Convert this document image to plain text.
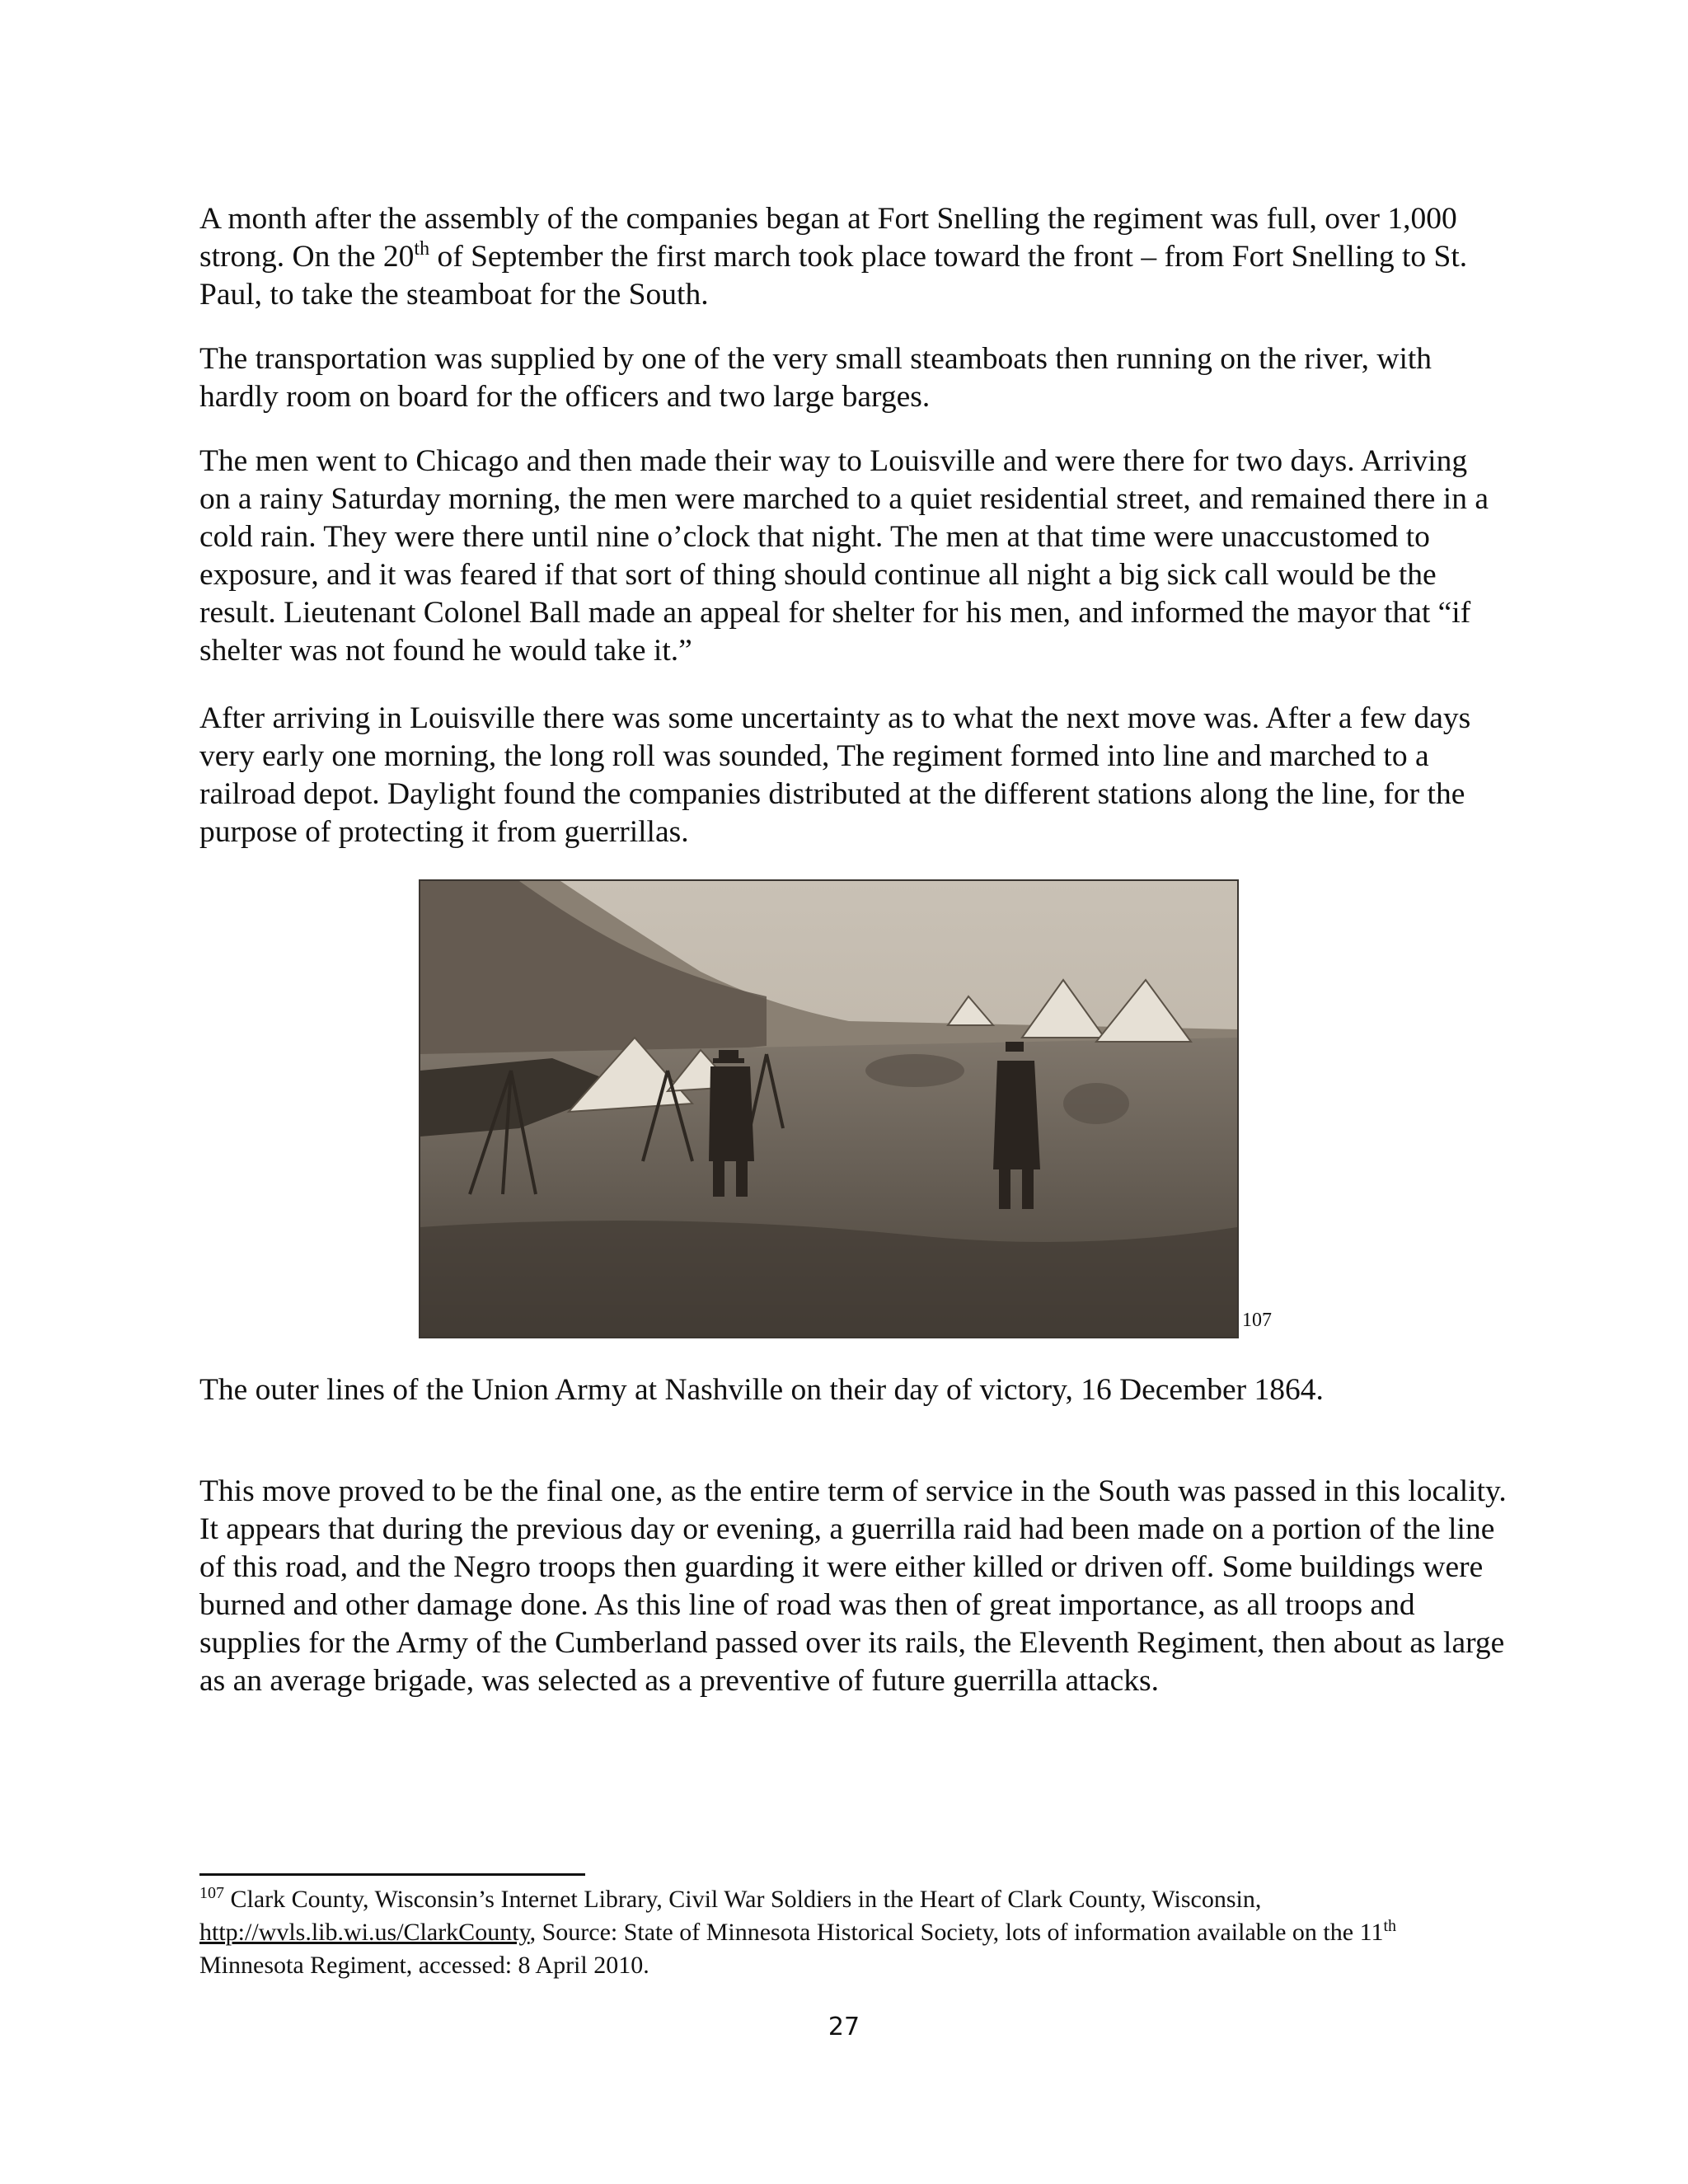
A month after the assembly of the companies began at Fort Snelling the regiment was full, over 1,000 strong. On the 20th of September the first march took place toward the front – from Fort Snelling to St. Paul, to take the steamboat for the South.

The transportation was supplied by one of the very small steamboats then running on the river, with hardly room on board for the officers and two large barges.

The men went to Chicago and then made their way to Louisville and were there for two days. Arriving on a rainy Saturday morning, the men were marched to a quiet residential street, and remained there in a cold rain. They were there until nine o’clock that night. The men at that time were unaccustomed to exposure, and it was feared if that sort of thing should continue all night a big sick call would be the result. Lieutenant Colonel Ball made an appeal for shelter for his men, and informed the mayor that “if shelter was not found he would take it.”

After arriving in Louisville there was some uncertainty as to what the next move was. After a few days very early one morning, the long roll was sounded, The regiment formed into line and marched to a railroad depot. Daylight found the companies distributed at the different stations along the line, for the purpose of protecting it from guerrillas.

107

The outer lines of the Union Army at Nashville on their day of victory, 16 December 1864.

This move proved to be the final one, as the entire term of service in the South was passed in this locality. It appears that during the previous day or evening, a guerrilla raid had been made on a portion of the line of this road, and the Negro troops then guarding it were either killed or driven off. Some buildings were burned and other damage done. As this line of road was then of great importance, as all troops and supplies for the Army of the Cumberland passed over its rails, the Eleventh Regiment, then about as large as an average brigade, was selected as a preventive of future guerrilla attacks.

$^{107}$ Clark County, Wisconsin’s Internet Library, Civil War Soldiers in the Heart of Clark County, Wisconsin, http://wvls.lib.wi.us/ClarkCounty, Source: State of Minnesota Historical Society, lots of information available on the 11th Minnesota Regiment, accessed: 8 April 2010.

27
